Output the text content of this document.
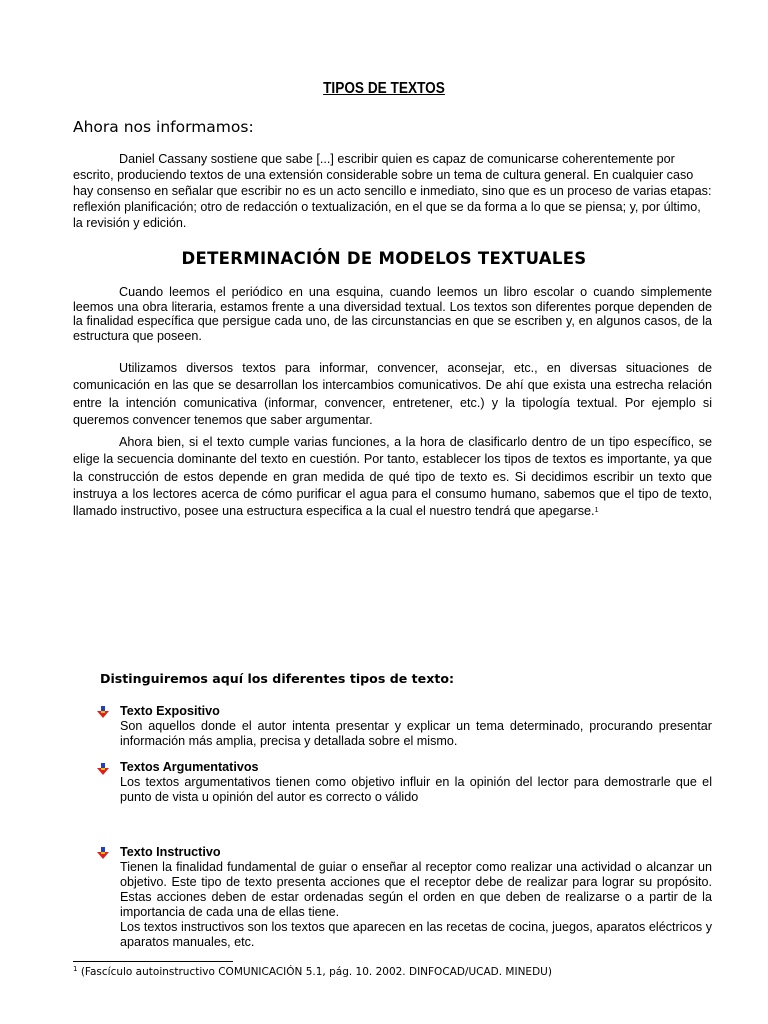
TIPOS DE TEXTOS
Ahora nos informamos:

Daniel Cassany sostiene que sabe [...] escribir quien es capaz de comunicarse coherentemente por escrito, produciendo textos de una extensión considerable sobre un tema de cultura general. En cualquier caso hay consenso en señalar que escribir no es un acto sencillo e inmediato, sino que es un proceso de varias etapas: reflexión planificación; otro de redacción o textualización, en el que se da forma a lo que se piensa; y, por último, la revisión y edición.

DETERMINACIÓN DE MODELOS TEXTUALES

Cuando leemos el periódico en una esquina, cuando leemos un libro escolar o cuando simplemente leemos una obra literaria, estamos frente a una diversidad textual. Los textos son diferentes porque dependen de la finalidad específica que persigue cada uno, de las circunstancias en que se escriben y, en algunos casos, de la estructura que poseen.

Utilizamos diversos textos para informar, convencer, aconsejar, etc., en diversas situaciones de comunicación en las que se desarrollan los intercambios comunicativos. De ahí que exista una estrecha relación entre la intención comunicativa (informar, convencer, entretener, etc.) y la tipología textual. Por ejemplo si queremos convencer tenemos que saber argumentar.

Ahora bien, si el texto cumple varias funciones, a la hora de clasificarlo dentro de un tipo específico, se elige la secuencia dominante del texto en cuestión. Por tanto, establecer los tipos de textos es importante, ya que la construcción de estos depende en gran medida de qué tipo de texto es. Si decidimos escribir un texto que instruya a los lectores acerca de cómo purificar el agua para el consumo humano, sabemos que el tipo de texto, llamado instructivo, posee una estructura especifica a la cual el nuestro tendrá que apegarse.$^1$

Distinguiremos aquí los diferentes tipos de texto:
Texto Expositivo
Son aquellos donde el autor intenta presentar y explicar un tema determinado, procurando presentar información más amplia, precisa y detallada sobre el mismo.
Textos Argumentativos
Los textos argumentativos tienen como objetivo influir en la opinión del lector para demostrarle que el punto de vista u opinión del autor es correcto o válido
Texto Instructivo
Tienen la finalidad fundamental de guiar o enseñar al receptor como realizar una actividad o alcanzar un objetivo. Este tipo de texto presenta acciones que el receptor debe de realizar para lograr su propósito. Estas acciones deben de estar ordenadas según el orden en que deben de realizarse o a partir de la importancia de cada una de ellas tiene.
Los textos instructivos son los textos que aparecen en las recetas de cocina, juegos, aparatos eléctricos y aparatos manuales, etc.
$^1$ (Fascículo autoinstructivo COMUNICACIÓN 5.1, pág. 10. 2002. DINFOCAD/UCAD. MINEDU)
